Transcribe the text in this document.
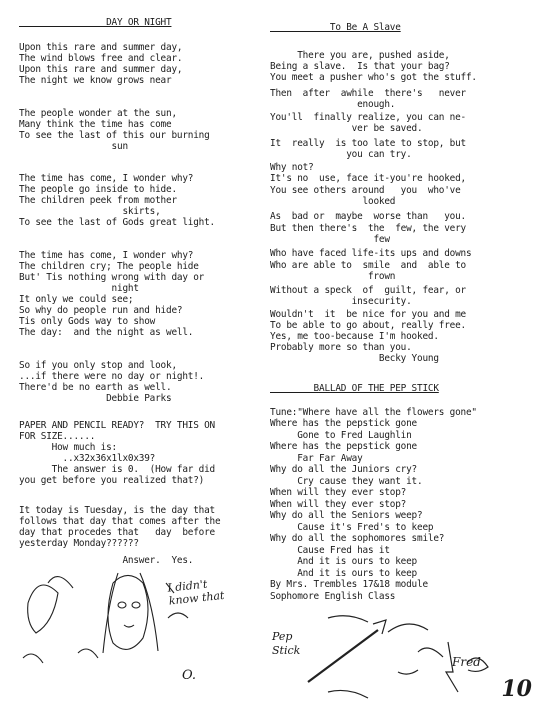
DAY OR NIGHT
Upon this rare and summer day,
The wind blows free and clear.
Upon this rare and summer day,
The night we know grows near
The people wonder at the sun,
Many think the time has come
To see the last of this our burning
sun
The time has come, I wonder why?
The people go inside to hide.
The children peek from mother
skirts,
To see the last of Gods great light.
The time has come, I wonder why?
The children cry; The people hide
But' Tis nothing wrong with day or
night
It only we could see;
So why do people run and hide?
Tis only Gods way to show
The day:  and the night as well.
So if you only stop and look,
...if there were no day or night!.
There'd be no earth as well.
Debbie Parks
PAPER AND PENCIL READY?  TRY THIS ON
FOR SIZE......
How much is:
..x32x36x1lx0x39?
The answer is 0.  (How far did
you get before you realized that?)
It today is Tuesday, is the day that
follows that day that comes after the
day that procedes that   day  before
yesterday Monday??????
Answer.  Yes.
To Be A Slave
There you are, pushed aside,
Being a slave.  Is that your bag?
You meet a pusher who's got the stuff.
Then  after  awhile  there's   never
enough.
You'll  finally realize, you can ne-
ver be saved.
It  really  is too late to stop, but
you can try.
Why not?
It's no  use, face it-you're hooked,
You see others around   you  who've
looked
As  bad or  maybe  worse than   you.
But then there's  the  few, the very
few
Who have faced life-its ups and downs
Who are able to  smile  and  able to
frown
Without a speck  of  guilt, fear, or
insecurity.
Wouldn't  it  be nice for you and me
To be able to go about, really free.
Yes, me too-because I'm hooked.
Probably more so than you.
Becky Young
BALLAD OF THE PEP STICK
Tune:"Where have all the flowers gone"
Where has the pepstick gone
Gone to Fred Laughlin
Where has the pepstick gone
Far Far Away
Why do all the Juniors cry?
Cry cause they want it.
When will they ever stop?
When will they ever stop?
Why do all the Seniors weep?
Cause it's Fred's to keep
Why do all the sophomores smile?
Cause Fred has it
And it is ours to keep
And it is ours to keep
By Mrs. Trembles 17&18 module
Sophomore English Class
I didn't know that
O.
Pep Stick
Fred
10
